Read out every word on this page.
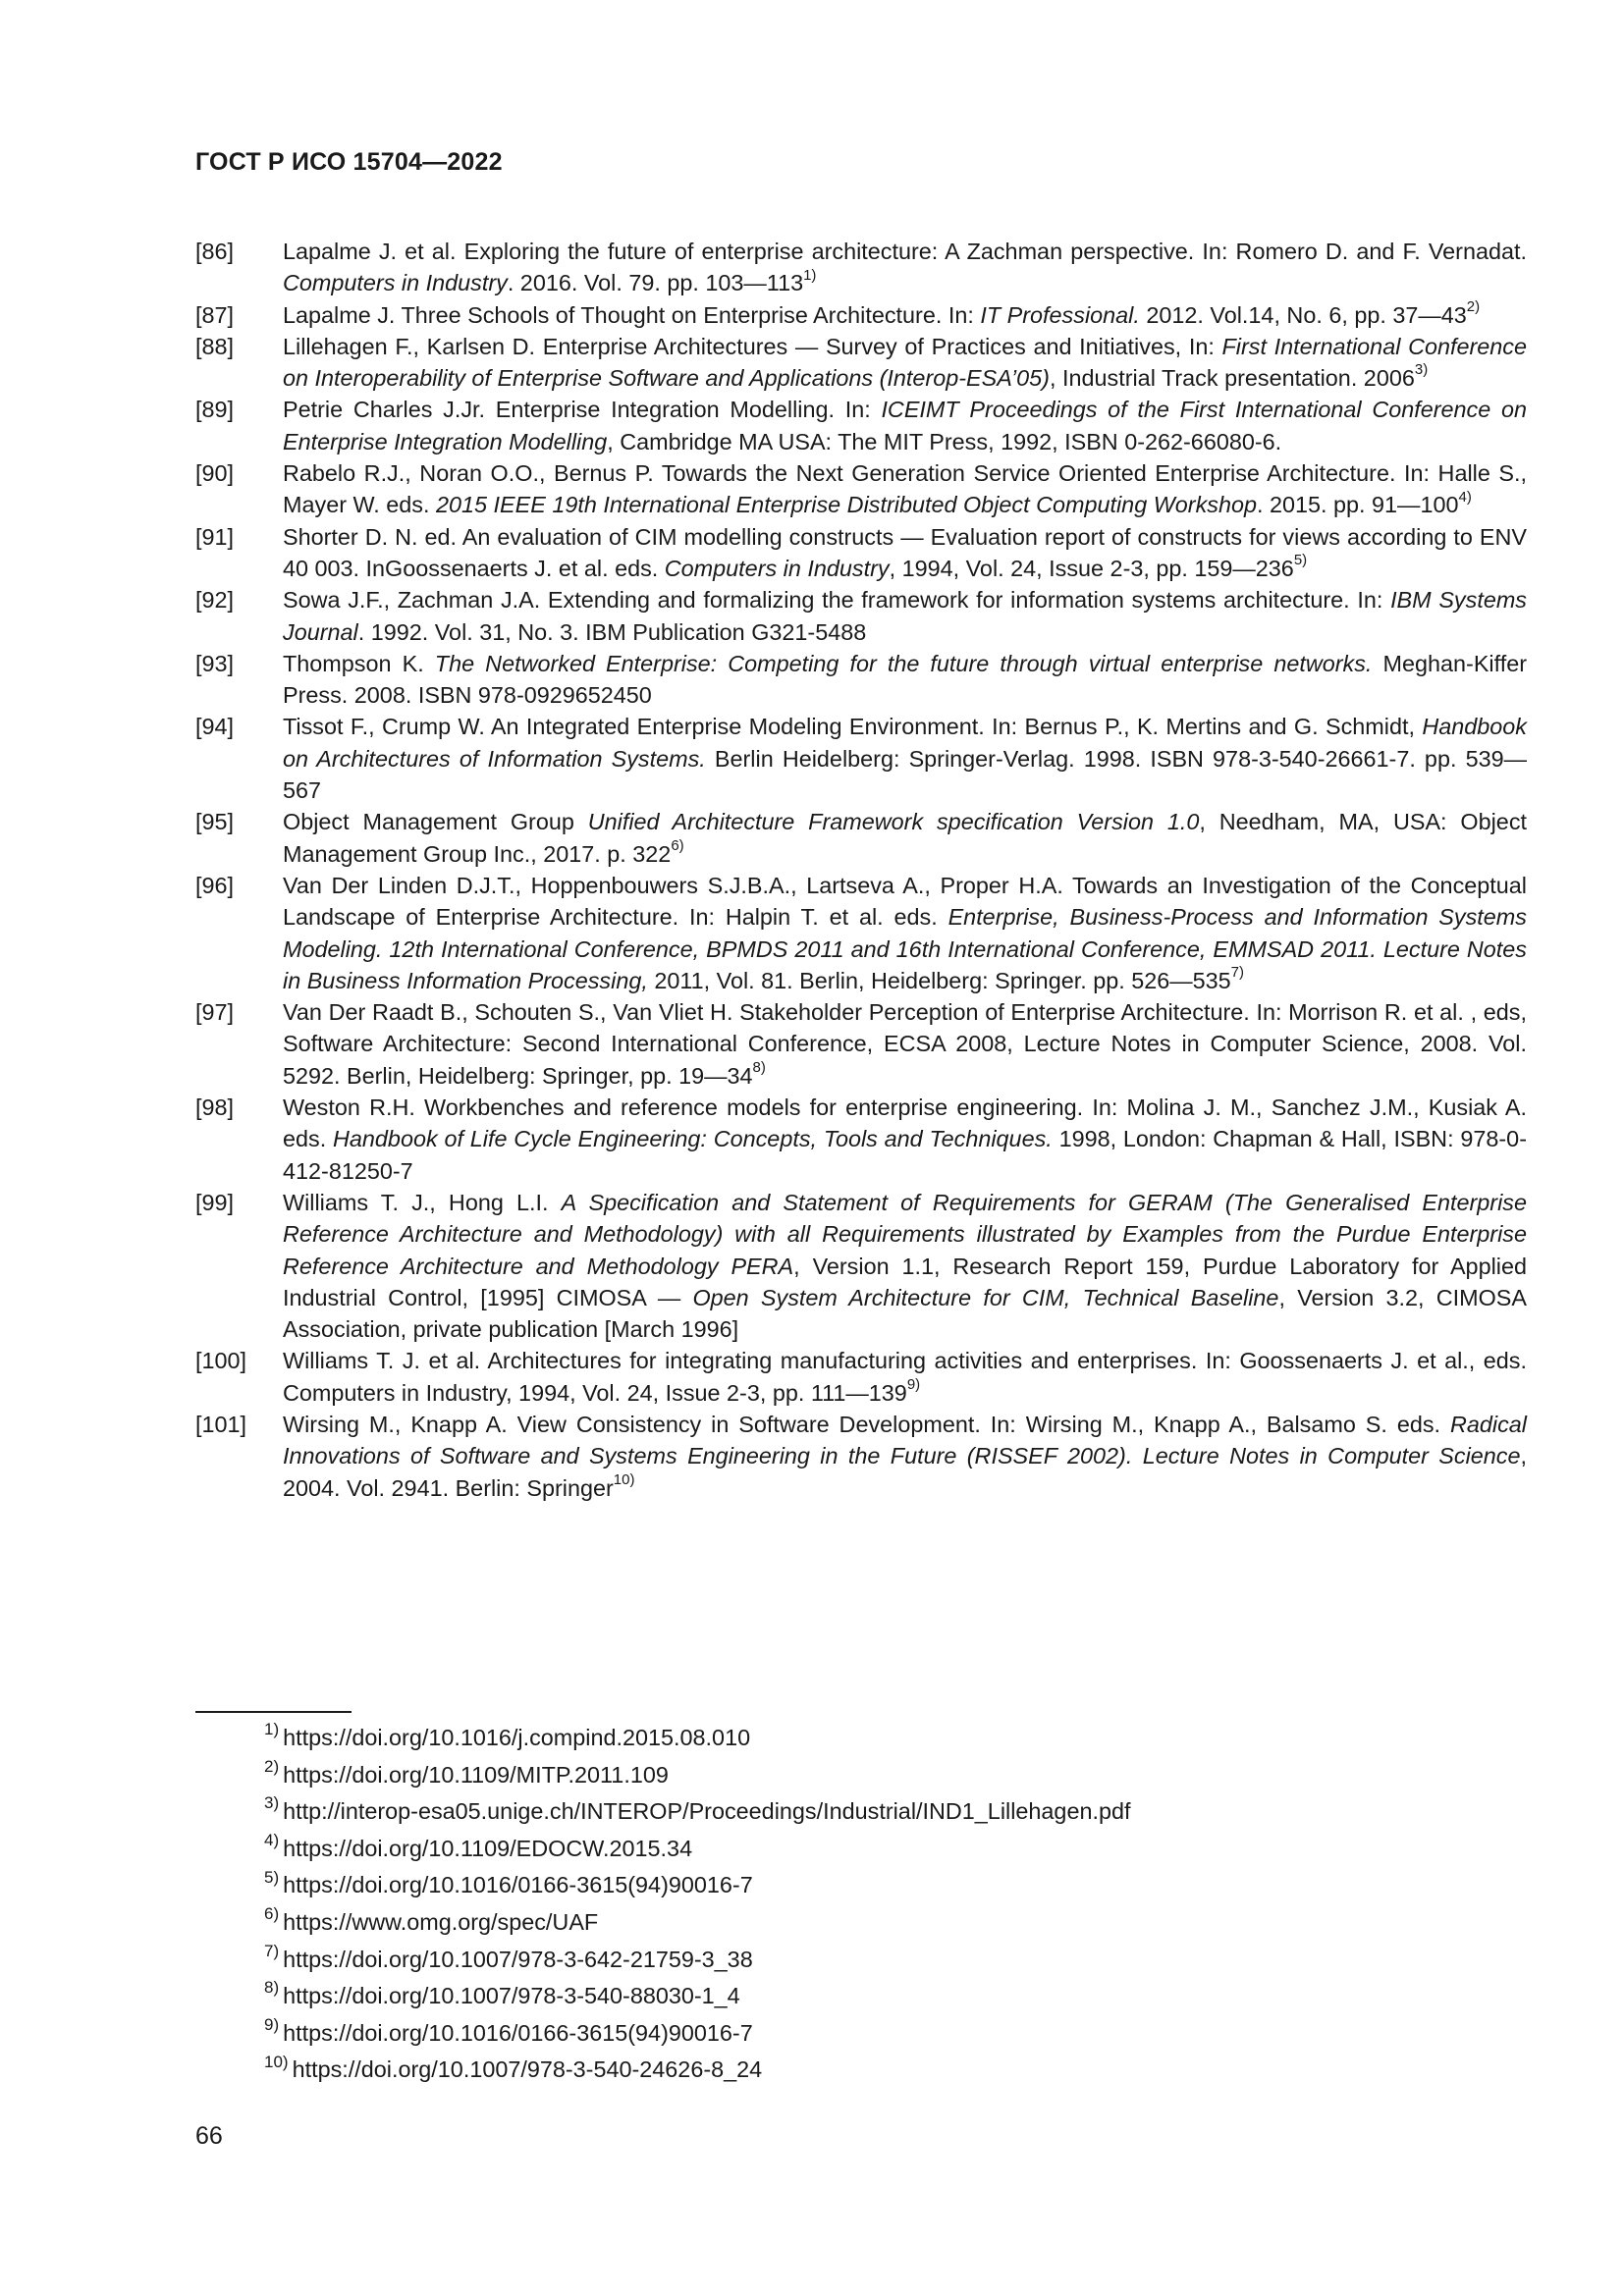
ГОСТ Р ИСО 15704—2022
[86] Lapalme J. et al. Exploring the future of enterprise architecture: A Zachman perspective. In: Romero D. and F. Vernadat. Computers in Industry. 2016. Vol. 79. pp. 103—113$^{1)}$
[87] Lapalme J. Three Schools of Thought on Enterprise Architecture. In: IT Professional. 2012. Vol.14, No. 6, pp. 37—43$^{2)}$
[88] Lillehagen F., Karlsen D. Enterprise Architectures — Survey of Practices and Initiatives, In: First International Conference on Interoperability of Enterprise Software and Applications (Interop-ESA’05), Industrial Track presentation. 2006$^{3)}$
[89] Petrie Charles J.Jr. Enterprise Integration Modelling. In: ICEIMT Proceedings of the First International Conference on Enterprise Integration Modelling, Cambridge MA USA: The MIT Press, 1992, ISBN 0-262-66080-6.
[90] Rabelo R.J., Noran O.O., Bernus P. Towards the Next Generation Service Oriented Enterprise Architecture. In: Halle S., Mayer W. eds. 2015 IEEE 19th International Enterprise Distributed Object Computing Workshop. 2015. pp. 91—100$^{4)}$
[91] Shorter D. N. ed. An evaluation of CIM modelling constructs — Evaluation report of constructs for views according to ENV 40 003. InGoossenaerts J. et al. eds. Computers in Industry, 1994, Vol. 24, Issue 2-3, pp. 159—236$^{5)}$
[92] Sowa J.F., Zachman J.A. Extending and formalizing the framework for information systems architecture. In: IBM Systems Journal. 1992. Vol. 31, No. 3. IBM Publication G321-5488
[93] Thompson K. The Networked Enterprise: Competing for the future through virtual enterprise networks. Meghan-Kiffer Press. 2008. ISBN 978-0929652450
[94] Tissot F., Crump W. An Integrated Enterprise Modeling Environment. In: Bernus P., K. Mertins and G. Schmidt, Handbook on Architectures of Information Systems. Berlin Heidelberg: Springer-Verlag. 1998. ISBN 978-3-540-26661-7. pp. 539—567
[95] Object Management Group Unified Architecture Framework specification Version 1.0, Needham, MA, USA: Object Management Group Inc., 2017. p. 322$^{6)}$
[96] Van Der Linden D.J.T., Hoppenbouwers S.J.B.A., Lartseva A., Proper H.A. Towards an Investigation of the Conceptual Landscape of Enterprise Architecture. In: Halpin T. et al. eds. Enterprise, Business-Process and Information Systems Modeling. 12th International Conference, BPMDS 2011 and 16th International Conference, EMMSAD 2011. Lecture Notes in Business Information Processing, 2011, Vol. 81. Berlin, Heidelberg: Springer. pp. 526—535$^{7)}$
[97] Van Der Raadt B., Schouten S., Van Vliet H. Stakeholder Perception of Enterprise Architecture. In: Morrison R. et al. , eds, Software Architecture: Second International Conference, ECSA 2008, Lecture Notes in Computer Science, 2008. Vol. 5292. Berlin, Heidelberg: Springer, pp. 19—34$^{8)}$
[98] Weston R.H. Workbenches and reference models for enterprise engineering. In: Molina J. M., Sanchez J.M., Kusiak A. eds. Handbook of Life Cycle Engineering: Concepts, Tools and Techniques. 1998, London: Chapman & Hall, ISBN: 978-0-412-81250-7
[99] Williams T. J., Hong L.I. A Specification and Statement of Requirements for GERAM (The Generalised Enterprise Reference Architecture and Methodology) with all Requirements illustrated by Examples from the Purdue Enterprise Reference Architecture and Methodology PERA, Version 1.1, Research Report 159, Purdue Laboratory for Applied Industrial Control, [1995] CIMOSA — Open System Architecture for CIM, Technical Baseline, Version 3.2, CIMOSA Association, private publication [March 1996]
[100] Williams T. J. et al. Architectures for integrating manufacturing activities and enterprises. In: Goossenaerts J. et al., eds. Computers in Industry, 1994, Vol. 24, Issue 2-3, pp. 111—139$^{9)}$
[101] Wirsing M., Knapp A. View Consistency in Software Development. In: Wirsing M., Knapp A., Balsamo S. eds. Radical Innovations of Software and Systems Engineering in the Future (RISSEF 2002). Lecture Notes in Computer Science, 2004. Vol. 2941. Berlin: Springer$^{10)}$
$^{1)}$ https://doi.org/10.1016/j.compind.2015.08.010
$^{2)}$ https://doi.org/10.1109/MITP.2011.109
$^{3)}$ http://interop-esa05.unige.ch/INTEROP/Proceedings/Industrial/IND1_Lillehagen.pdf
$^{4)}$ https://doi.org/10.1109/EDOCW.2015.34
$^{5)}$ https://doi.org/10.1016/0166-3615(94)90016-7
$^{6)}$ https://www.omg.org/spec/UAF
$^{7)}$ https://doi.org/10.1007/978-3-642-21759-3_38
$^{8)}$ https://doi.org/10.1007/978-3-540-88030-1_4
$^{9)}$ https://doi.org/10.1016/0166-3615(94)90016-7
$^{10)}$ https://doi.org/10.1007/978-3-540-24626-8_24
66
